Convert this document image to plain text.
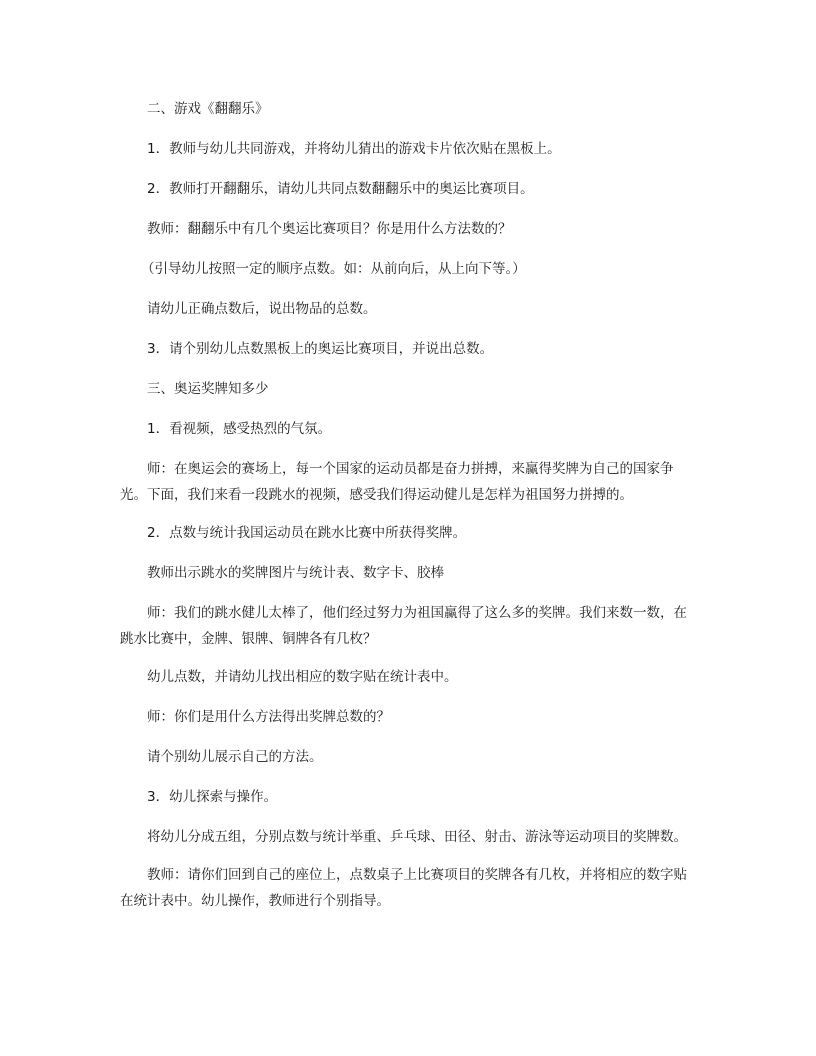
二、游戏《翻翻乐》
1．教师与幼儿共同游戏，并将幼儿猜出的游戏卡片依次贴在黑板上。
2．教师打开翻翻乐，请幼儿共同点数翻翻乐中的奥运比赛项目。
教师：翻翻乐中有几个奥运比赛项目？你是用什么方法数的？
（引导幼儿按照一定的顺序点数。如：从前向后，从上向下等。）
请幼儿正确点数后，说出物品的总数。
3．请个别幼儿点数黑板上的奥运比赛项目，并说出总数。
三、奥运奖牌知多少
1．看视频，感受热烈的气氛。
师：在奥运会的赛场上，每一个国家的运动员都是奋力拼搏，来赢得奖牌为自己的国家争光。下面，我们来看一段跳水的视频，感受我们得运动健儿是怎样为祖国努力拼搏的。
2．点数与统计我国运动员在跳水比赛中所获得奖牌。
教师出示跳水的奖牌图片与统计表、数字卡、胶棒
师：我们的跳水健儿太棒了，他们经过努力为祖国赢得了这么多的奖牌。我们来数一数，在跳水比赛中，金牌、银牌、铜牌各有几枚？
幼儿点数，并请幼儿找出相应的数字贴在统计表中。
师：你们是用什么方法得出奖牌总数的？
请个别幼儿展示自己的方法。
3．幼儿探索与操作。
将幼儿分成五组，分别点数与统计举重、乒乓球、田径、射击、游泳等运动项目的奖牌数。
教师：请你们回到自己的座位上，点数桌子上比赛项目的奖牌各有几枚，并将相应的数字贴在统计表中。幼儿操作，教师进行个别指导。
